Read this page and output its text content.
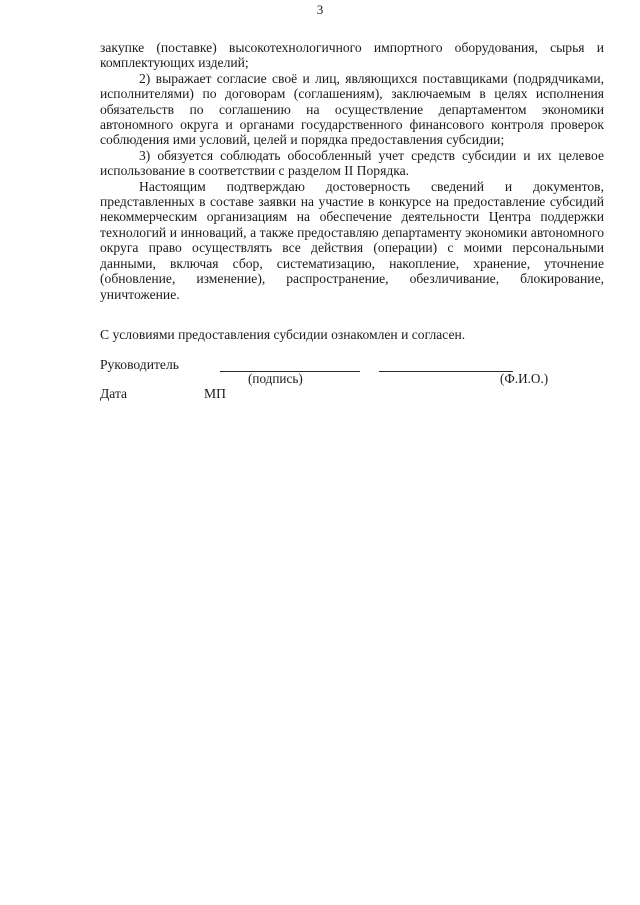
3

закупке (поставке) высокотехнологичного импортного оборудования, сырья и комплектующих изделий;

2) выражает согласие своё и лиц, являющихся поставщиками (подрядчиками, исполнителями) по договорам (соглашениям), заключаемым в целях исполнения обязательств по соглашению на осуществление департаментом экономики автономного округа и органами государственного финансового контроля проверок соблюдения ими условий, целей и порядка предоставления субсидии;

3) обязуется соблюдать обособленный учет средств субсидии и их целевое использование в соответствии с разделом II Порядка.

Настоящим подтверждаю достоверность сведений и документов, представленных в составе заявки на участие в конкурсе на предоставление субсидий некоммерческим организациям на обеспечение деятельности Центра поддержки технологий и инноваций, а также предоставляю департаменту экономики автономного округа право осуществлять все действия (операции) с моими персональными данными, включая сбор, систематизацию, накопление, хранение, уточнение (обновление, изменение), распространение, обезличивание, блокирование, уничтожение.

С условиями предоставления субсидии ознакомлен и согласен.
Руководитель
(подпись)	(Ф.И.О.)
Дата	МП
